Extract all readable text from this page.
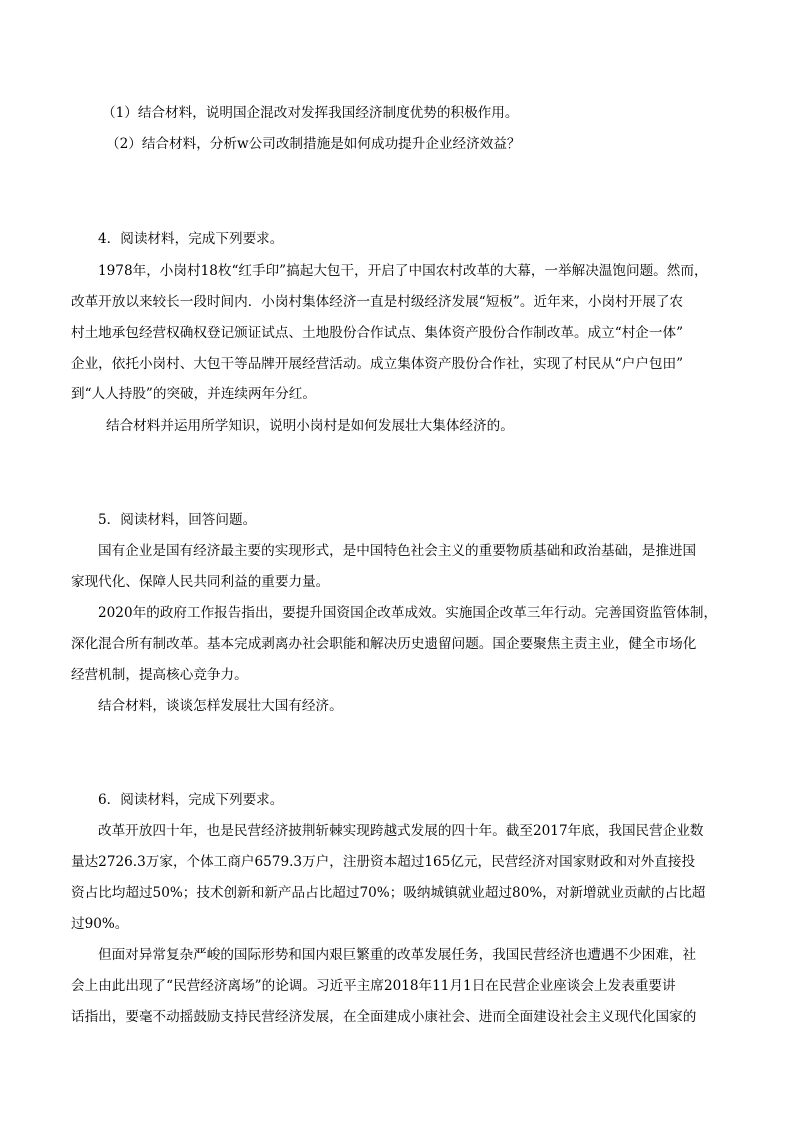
（1）结合材料，说明国企混改对发挥我国经济制度优势的积极作用。
（2）结合材料，分析w公司改制措施是如何成功提升企业经济效益？
4．阅读材料，完成下列要求。
1978年，小岗村18枚“红手印”搞起大包干，开启了中国农村改革的大幕，一举解决温饱问题。然而，
改革开放以来较长一段时间内．小岗村集体经济一直是村级经济发展“短板”。近年来，小岗村开展了农
村土地承包经营权确权登记颁证试点、土地股份合作试点、集体资产股份合作制改革。成立“村企一体”
企业，依托小岗村、大包干等品牌开展经营活动。成立集体资产股份合作社，实现了村民从“户户包田”
到“人人持股”的突破，并连续两年分红。
结合材料并运用所学知识，说明小岗村是如何发展壮大集体经济的。
5．阅读材料，回答问题。
国有企业是国有经济最主要的实现形式，是中国特色社会主义的重要物质基础和政治基础，是推进国
家现代化、保障人民共同利益的重要力量。
2020年的政府工作报告指出，要提升国资国企改革成效。实施国企改革三年行动。完善国资监管体制，
深化混合所有制改革。基本完成剥离办社会职能和解决历史遗留问题。国企要聚焦主责主业，健全市场化
经营机制，提高核心竞争力。
结合材料，谈谈怎样发展壮大国有经济。
6．阅读材料，完成下列要求。
改革开放四十年，也是民营经济披荆斩棘实现跨越式发展的四十年。截至2017年底，我国民营企业数
量达2726.3万家，个体工商户6579.3万户，注册资本超过165亿元，民营经济对国家财政和对外直接投
资占比均超过50%；技术创新和新产品占比超过70%；吸纳城镇就业超过80%，对新增就业贡献的占比超
过90%。
但面对异常复杂严峻的国际形势和国内艰巨繁重的改革发展任务，我国民营经济也遭遇不少困难，社
会上由此出现了“民营经济离场”的论调。习近平主席2018年11月1日在民营企业座谈会上发表重要讲
话指出，要毫不动摇鼓励支持民营经济发展，在全面建成小康社会、进而全面建设社会主义现代化国家的
